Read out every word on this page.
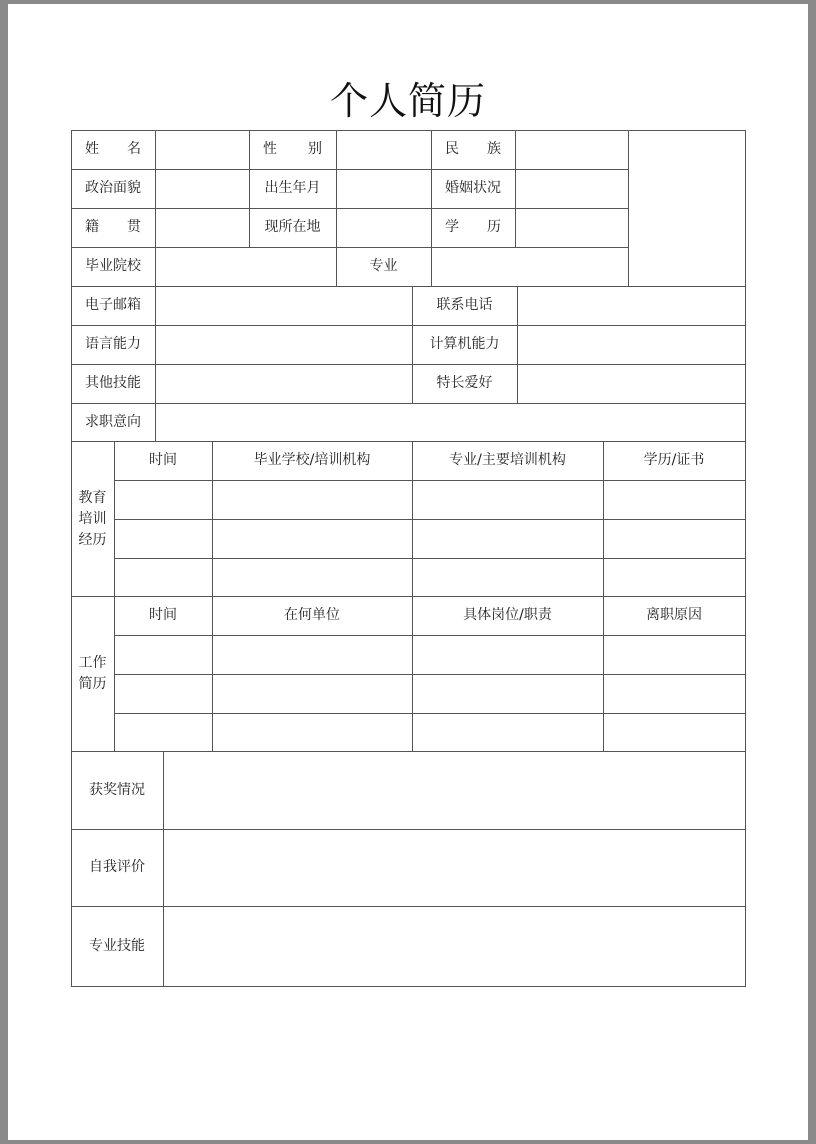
个人简历
姓 名	性 别	民 族
政治面貌	出生年月	婚姻状况
籍 贯	现所在地	学 历
毕业院校	专业
电子邮箱	联系电话
语言能力	计算机能力
其他技能	特长爱好
求职意向
教育
培训
经历
时间	毕业学校/培训机构	专业/主要培训机构	学历/证书
工作
简历
时间	在何单位	具体岗位/职责	离职原因
获奖情况
自我评价
专业技能
